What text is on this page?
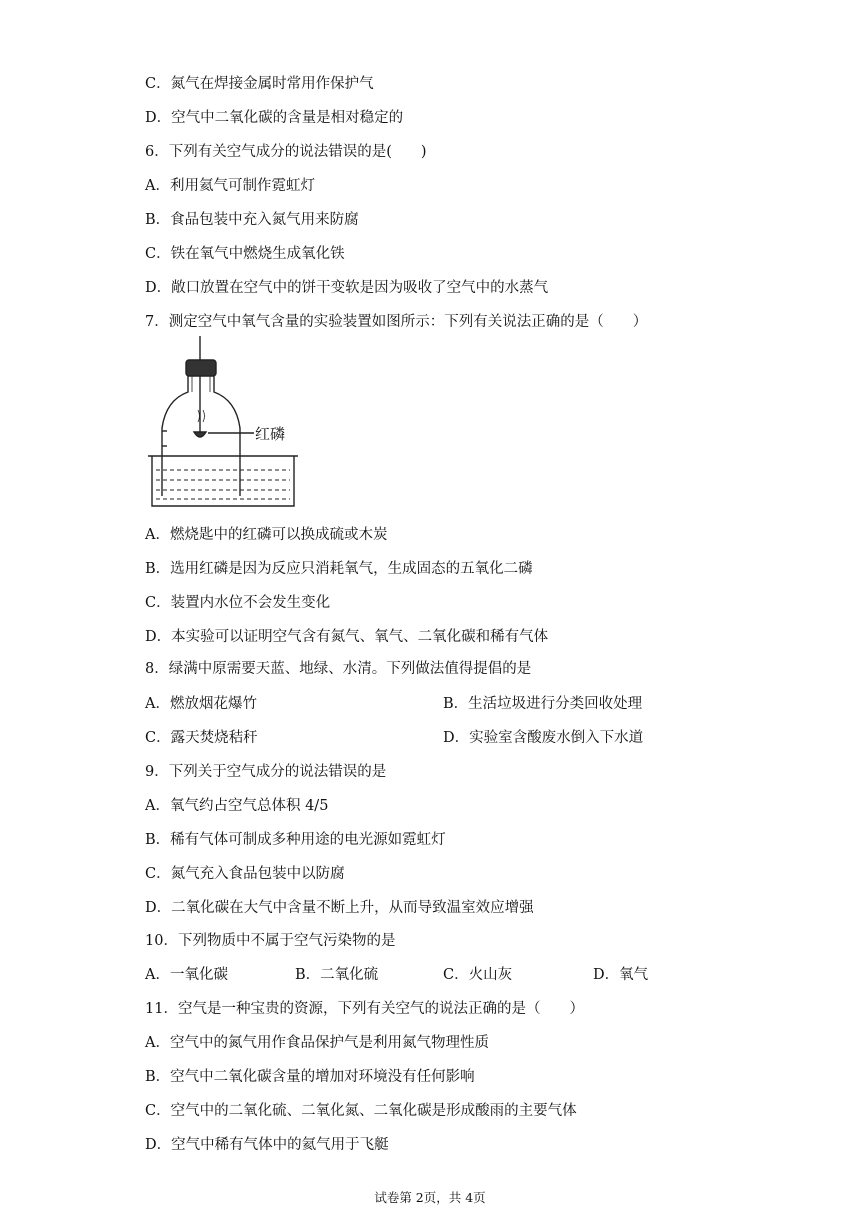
C．氮气在焊接金属时常用作保护气
D．空气中二氧化碳的含量是相对稳定的
6．下列有关空气成分的说法错误的是(　　)
A．利用氦气可制作霓虹灯
B．食品包装中充入氮气用来防腐
C．铁在氧气中燃烧生成氧化铁
D．敞口放置在空气中的饼干变软是因为吸收了空气中的水蒸气
7．测定空气中氧气含量的实验装置如图所示：下列有关说法正确的是（　　）
红磷
A．燃烧匙中的红磷可以换成硫或木炭
B．选用红磷是因为反应只消耗氧气，生成固态的五氧化二磷
C．装置内水位不会发生变化
D．本实验可以证明空气含有氮气、氧气、二氧化碳和稀有气体
8．绿满中原需要天蓝、地绿、水清。下列做法值得提倡的是
A．燃放烟花爆竹	B．生活垃圾进行分类回收处理
C．露天焚烧秸秆	D．实验室含酸废水倒入下水道
9．下列关于空气成分的说法错误的是
A．氧气约占空气总体积 4/5
B．稀有气体可制成多种用途的电光源如霓虹灯
C．氮气充入食品包装中以防腐
D．二氧化碳在大气中含量不断上升，从而导致温室效应增强
10．下列物质中不属于空气污染物的是
A．一氧化碳	B．二氧化硫	C．火山灰	D．氧气
11．空气是一种宝贵的资源，下列有关空气的说法正确的是（　　）
A．空气中的氮气用作食品保护气是利用氮气物理性质
B．空气中二氧化碳含量的增加对环境没有任何影响
C．空气中的二氧化硫、二氧化氮、二氧化碳是形成酸雨的主要气体
D．空气中稀有气体中的氦气用于飞艇
试卷第 2页，共 4页
